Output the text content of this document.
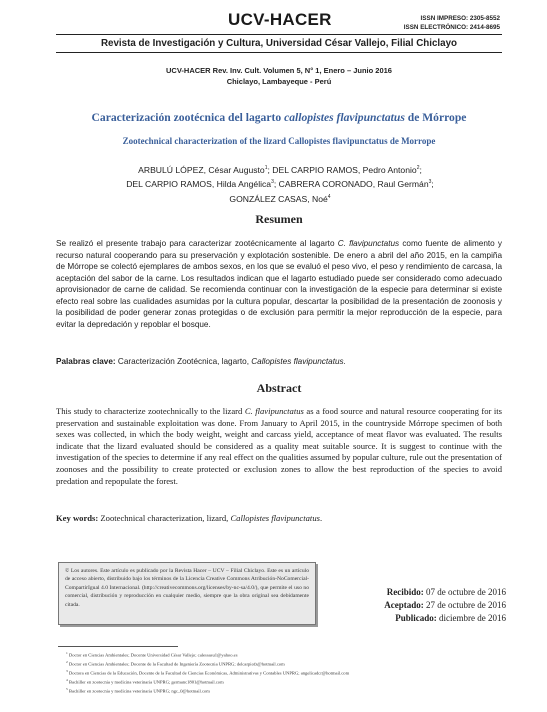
UCV-HACER	ISSN IMPRESO: 2305-8552
ISSN ELECTRÓNICO: 2414-8695
Revista de Investigación y Cultura, Universidad César Vallejo, Filial Chiclayo
UCV-HACER Rev. Inv. Cult. Volumen 5, N° 1, Enero – Junio 2016
Chiclayo, Lambayeque - Perú
Caracterización zootécnica del lagarto callopistes flavipunctatus de Mórrope
Zootechnical characterization of the lizard Callopistes flavipunctatus de Morrope
ARBULÚ LÓPEZ, César Augusto$^1$; DEL CARPIO RAMOS, Pedro Antonio$^2$;
DEL CARPIO RAMOS, Hilda Angélica$^3$; CABRERA CORONADO, Raul Germán$^3$;
GONZÁLEZ CASAS, Noé$^4$
Resumen

Se realizó el presente trabajo para caracterizar zootécnicamente al lagarto C. flavipunctatus como fuente de alimento y recurso natural cooperando para su preservación y explotación sostenible. De enero a abril del año 2015, en la campiña de Mórrope se colectó ejemplares de ambos sexos, en los que se evaluó el peso vivo, el peso y rendimiento de carcasa, la aceptación del sabor de la carne. Los resultados indican que el lagarto estudiado puede ser considerado como adecuado aprovisionador de carne de calidad. Se recomienda continuar con la investigación de la especie para determinar si existe efecto real sobre las cualidades asumidas por la cultura popular, descartar la posibilidad de la presentación de zoonosis y la posibilidad de poder generar zonas protegidas o de exclusión para permitir la mejor reproducción de la especie, para evitar la depredación y repoblar el bosque.

Palabras clave: Caracterización Zootécnica, lagarto, Callopistes flavipunctatus.
Abstract

This study to characterize zootechnically to the lizard C. flavipunctatus as a food source and natural resource cooperating for its preservation and sustainable exploitation was done. From January to April 2015, in the countryside Mórrope specimen of both sexes was collected, in which the body weight, weight and carcass yield, acceptance of meat flavor was evaluated. The results indicate that the lizard evaluated should be considered as a quality meat suitable source. It is suggest to continue with the investigation of the species to determine if any real effect on the qualities assumed by popular culture, rule out the presentation of zoonoses and the possibility to create protected or exclusion zones to allow the best reproduction of the species to avoid predation and repopulate the forest.

Key words: Zootechnical characterization, lizard, Callopistes flavipunctatus.
© Los autores. Este artículo es publicado por la Revista Hacer – UCV – Filial Chiclayo. Este es un artículo de acceso abierto, distribuido bajo los términos de la Licencia Creative Commons Atribución-NoComercial-CompartirIgual 4.0 Internacional. (http://creativecommons.org/licenses/by-nc-sa/4.0/), que permite el uso no comercial, distribución y reproducción en cualquier medio, siempre que la obra original sea debidamente citada.
Recibido: 07 de octubre de 2016
Aceptado: 27 de octubre de 2016
Publicado: diciembre de 2016
$^1$ Doctor en Ciencias Ambientales; Docente Universidad César Vallejo; calessasu1@yahoo.es
$^2$ Doctor en Ciencias Ambientales; Docente de la Facultad de Ingeniería Zootecnia UNPRG; delcarpiofz@hotmail.com
$^3$ Doctora en Ciencias de la Educación, Docente de la Facultad de Ciencias Económicas, Administrativas y Contables UNPRG; angelicadcr@hotmail.com
$^4$ Bachiller en zootecnia y medicina veterinaria UNPRG; germanc1801@hotmail.com
$^5$ Bachiller en zootecnia y medicina veterinaria UNPRG; ngc_0@hotmail.com
